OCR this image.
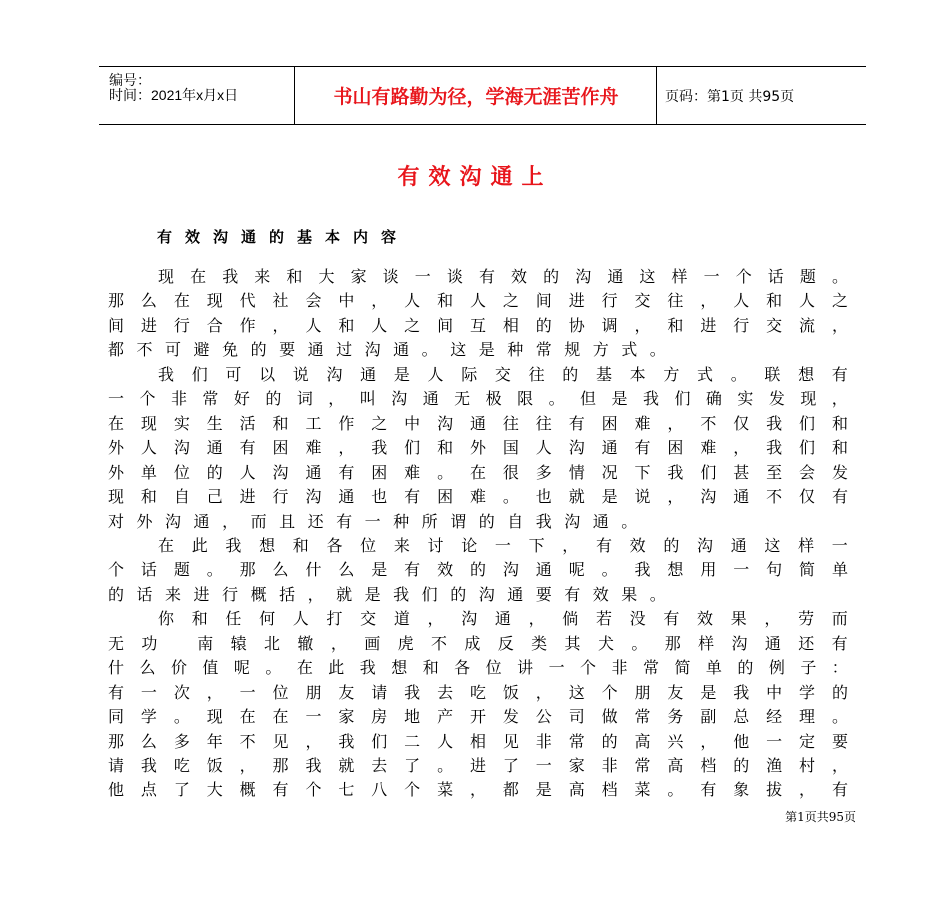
编号：
时间：2021年x月x日	书山有路勤为径，学海无涯苦作舟	页码：第1页 共95页
有效沟通上
有效沟通的基本内容
现 在 我 来 和 大 家 谈 一 谈 有 效 的 沟 通 这 样 一 个 话 题 。
那 么 在 现 代 社 会 中 ， 人 和 人 之 间 进 行 交 往 ， 人 和 人 之
间 进 行 合 作 ， 人 和 人 之 间 互 相 的 协 调 ， 和 进 行 交 流 ，
都 不 可 避 免 的 要 通 过 沟 通 。 这 是 种 常 规 方 式 。
我 们 可 以 说 沟 通 是 人 际 交 往 的 基 本 方 式 。 联 想 有
一 个 非 常 好 的 词 ， 叫 沟 通 无 极 限 。 但 是 我 们 确 实 发 现 ，
在 现 实 生 活 和 工 作 之 中 沟 通 往 往 有 困 难 ， 不 仅 我 们 和
外 人 沟 通 有 困 难 ， 我 们 和 外 国 人 沟 通 有 困 难 ， 我 们 和
外 单 位 的 人 沟 通 有 困 难 。 在 很 多 情 况 下 我 们 甚 至 会 发
现 和 自 己 进 行 沟 通 也 有 困 难 。 也 就 是 说 ， 沟 通 不 仅 有
对 外 沟 通 ， 而 且 还 有 一 种 所 谓 的 自 我 沟 通 。
在 此 我 想 和 各 位 来 讨 论 一 下 ， 有 效 的 沟 通 这 样 一
个 话 题 。 那 么 什 么 是 有 效 的 沟 通 呢 。 我 想 用 一 句 简 单
的 话 来 进 行 概 括 ， 就 是 我 们 的 沟 通 要 有 效 果 。
你 和 任 何 人 打 交 道 ， 沟 通 ， 倘 若 没 有 效 果 ， 劳 而
无 功
南 辕 北 辙 ， 画 虎 不 成 反 类 其 犬 。 那 样 沟 通 还 有
什 么 价 值 呢 。 在 此 我 想 和 各 位 讲 一 个 非 常 简 单 的 例 子 ：
有 一 次 ， 一 位 朋 友 请 我 去 吃 饭 ， 这 个 朋 友 是 我 中 学 的
同 学 。 现 在 在 一 家 房 地 产 开 发 公 司 做 常 务 副 总 经 理 。
那 么 多 年 不 见 ， 我 们 二 人 相 见 非 常 的 高 兴 ， 他 一 定 要
请 我 吃 饭 ， 那 我 就 去 了 。 进 了 一 家 非 常 高 档 的 渔 村 ，
他 点 了 大 概 有 个 七 八 个 菜 ， 都 是 高 档 菜 。 有 象 拔 ， 有
第1页共95页
